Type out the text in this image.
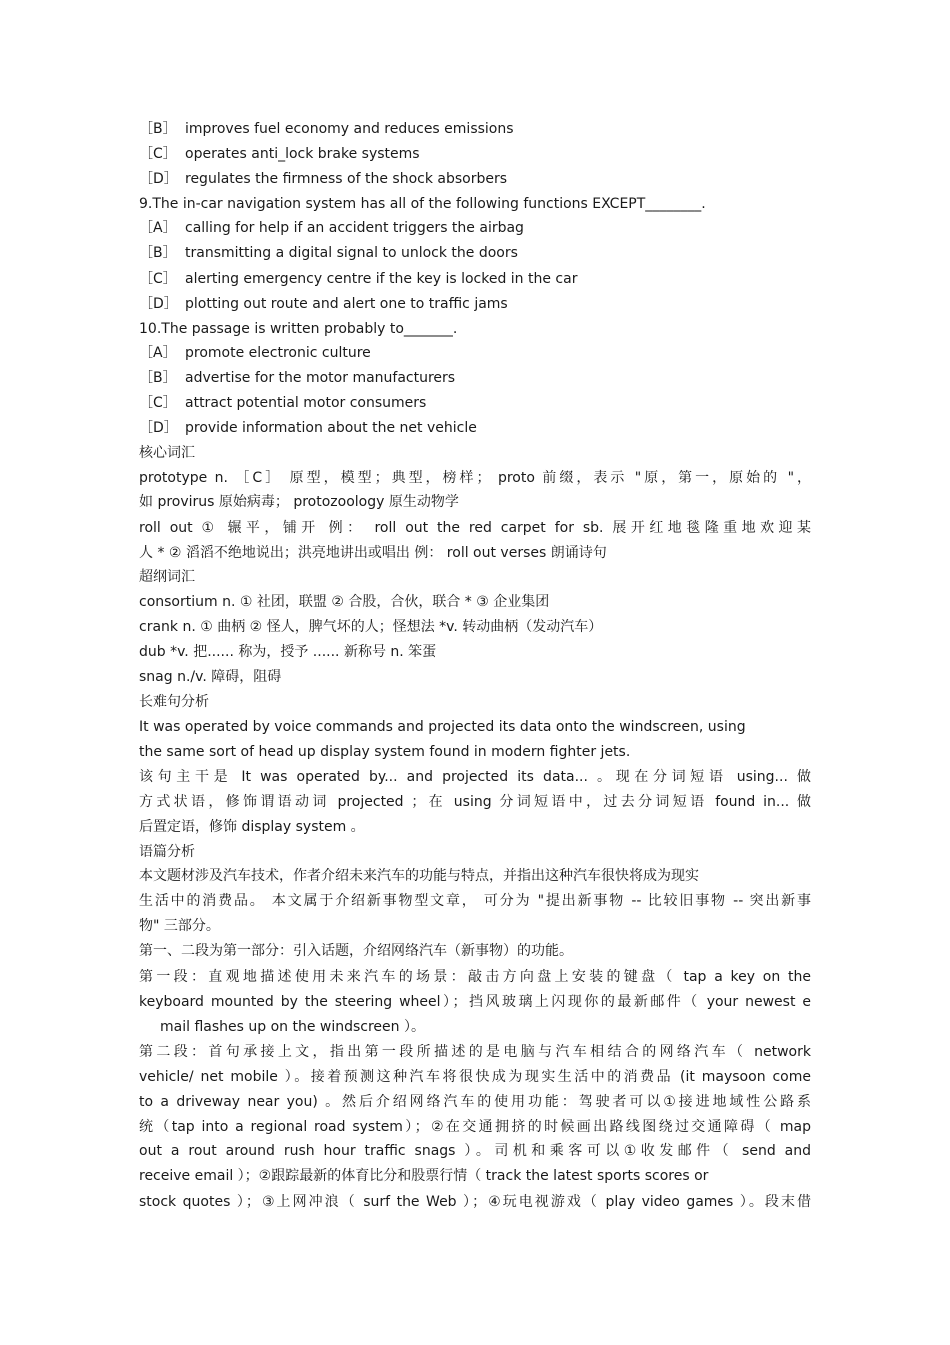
［B］ improves fuel economy and reduces emissions
［C］ operates anti_lock brake systems
［D］ regulates the firmness of the shock absorbers
9.The in-car navigation system has all of the following functions EXCEPT________.
［A］ calling for help if an accident triggers the airbag
［B］ transmitting a digital signal to unlock the doors
［C］ alerting emergency centre if the key is locked in the car
［D］ plotting out route and alert one to traffic jams
10.The passage is written probably to_______.
［A］ promote electronic culture
［B］ advertise for the motor manufacturers
［C］ attract potential motor consumers
［D］ provide information about the net vehicle
核心词汇
prototype n. ［C］ 原型，模型；典型，榜样； proto 前缀，表示 "原，第一，原始的 "，
如 provirus 原始病毒； protozoology 原生动物学
roll out ① 辗平，铺开 例： roll out the red carpet for sb. 展开红地毯隆重地欢迎某
人 * ② 滔滔不绝地说出；洪亮地讲出或唱出 例： roll out verses 朗诵诗句
超纲词汇
consortium n. ① 社团，联盟 ② 合股，合伙，联合 * ③ 企业集团
crank n. ① 曲柄 ② 怪人，脾气坏的人；怪想法 *v. 转动曲柄（发动汽车）
dub *v. 把...... 称为，授予 ...... 新称号 n. 笨蛋
snag n./v. 障碍，阻碍
长难句分析
It was operated by voice commands and projected its data onto the windscreen, using
the same sort of head up display system found in modern fighter jets.
该句主干是 It was operated by... and projected its data... 。现在分词短语 using... 做
方式状语，修饰谓语动词 projected ；在 using 分词短语中，过去分词短语 found in... 做
后置定语，修饰 display system 。
语篇分析
本文题材涉及汽车技术，作者介绍未来汽车的功能与特点，并指出这种汽车很快将成为现实
生活中的消费品。 本文属于介绍新事物型文章， 可分为 "提出新事物 -- 比较旧事物 -- 突出新事
物" 三部分。
第一、二段为第一部分：引入话题，介绍网络汽车（新事物）的功能。
第一段：直观地描述使用未来汽车的场景：敲击方向盘上安装的键盘（ tap a key on the
keyboard mounted by the steering wheel）；挡风玻璃上闪现你的最新邮件（ your newest e
mail flashes up on the windscreen ）。
第二段：首句承接上文，指出第一段所描述的是电脑与汽车相结合的网络汽车（ network
vehicle/ net mobile ）。接着预测这种汽车将很快成为现实生活中的消费品 (it maysoon come
to a driveway near you) 。然后介绍网络汽车的使用功能：驾驶者可以①接进地域性公路系
统（tap into a regional road system）；②在交通拥挤的时候画出路线图绕过交通障碍（ map
out a rout around rush hour traffic snags ）。司机和乘客可以①收发邮件（ send and
receive email ）；②跟踪最新的体育比分和股票行情（ track the latest sports scores or
stock quotes ）；③上网冲浪（ surf the Web ）；④玩电视游戏（ play video games ）。段末借
